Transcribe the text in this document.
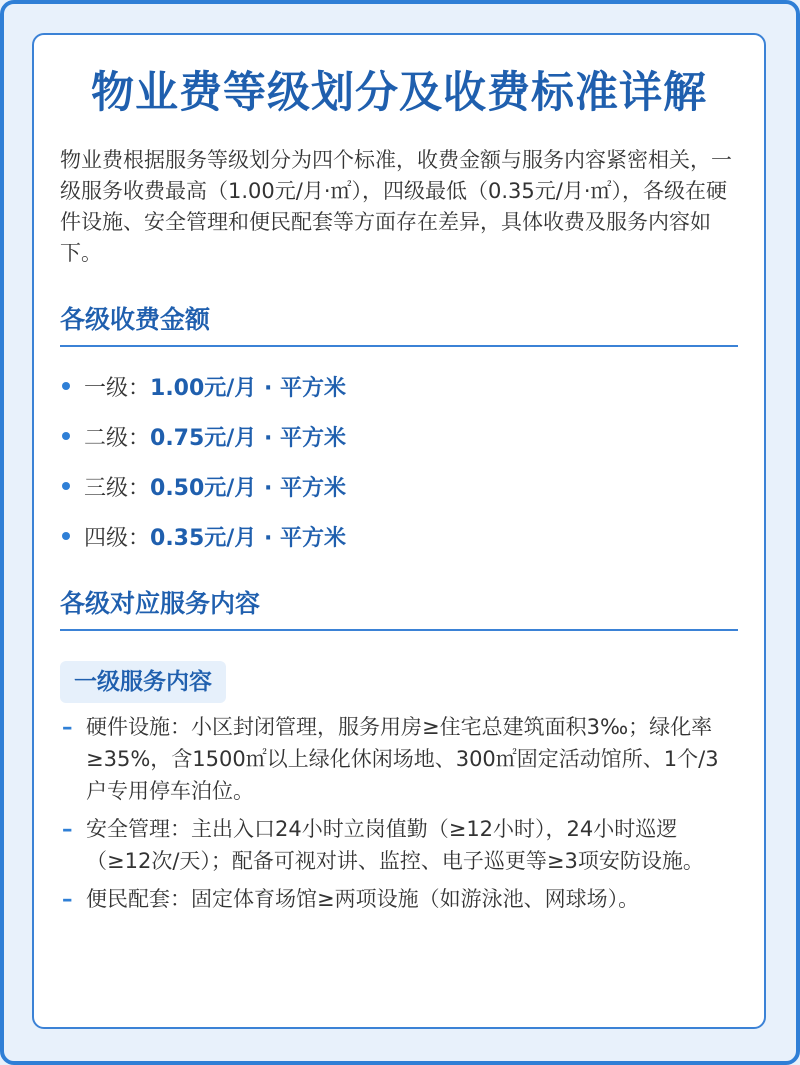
物业费等级划分及收费标准详解

物业费根据服务等级划分为四个标准，收费金额与服务内容紧密相关，一级服务收费最高（1.00元/月·㎡），四级最低（0.35元/月·㎡），各级在硬件设施、安全管理和便民配套等方面存在差异，具体收费及服务内容如下。

各级收费金额
一级： 1.00元/月 · 平方米
二级： 0.75元/月 · 平方米
三级： 0.50元/月 · 平方米
四级： 0.35元/月 · 平方米
各级对应服务内容
一级服务内容
– 硬件设施：小区封闭管理，服务用房≥住宅总建筑面积3‰；绿化率≥35%，含1500㎡以上绿化休闲场地、300㎡固定活动馆所、1个/3户专用停车泊位。
– 安全管理：主出入口24小时立岗值勤（≥12小时），24小时巡逻（≥12次/天）；配备可视对讲、监控、电子巡更等≥3项安防设施。
– 便民配套：固定体育场馆≥两项设施（如游泳池、网球场）。
